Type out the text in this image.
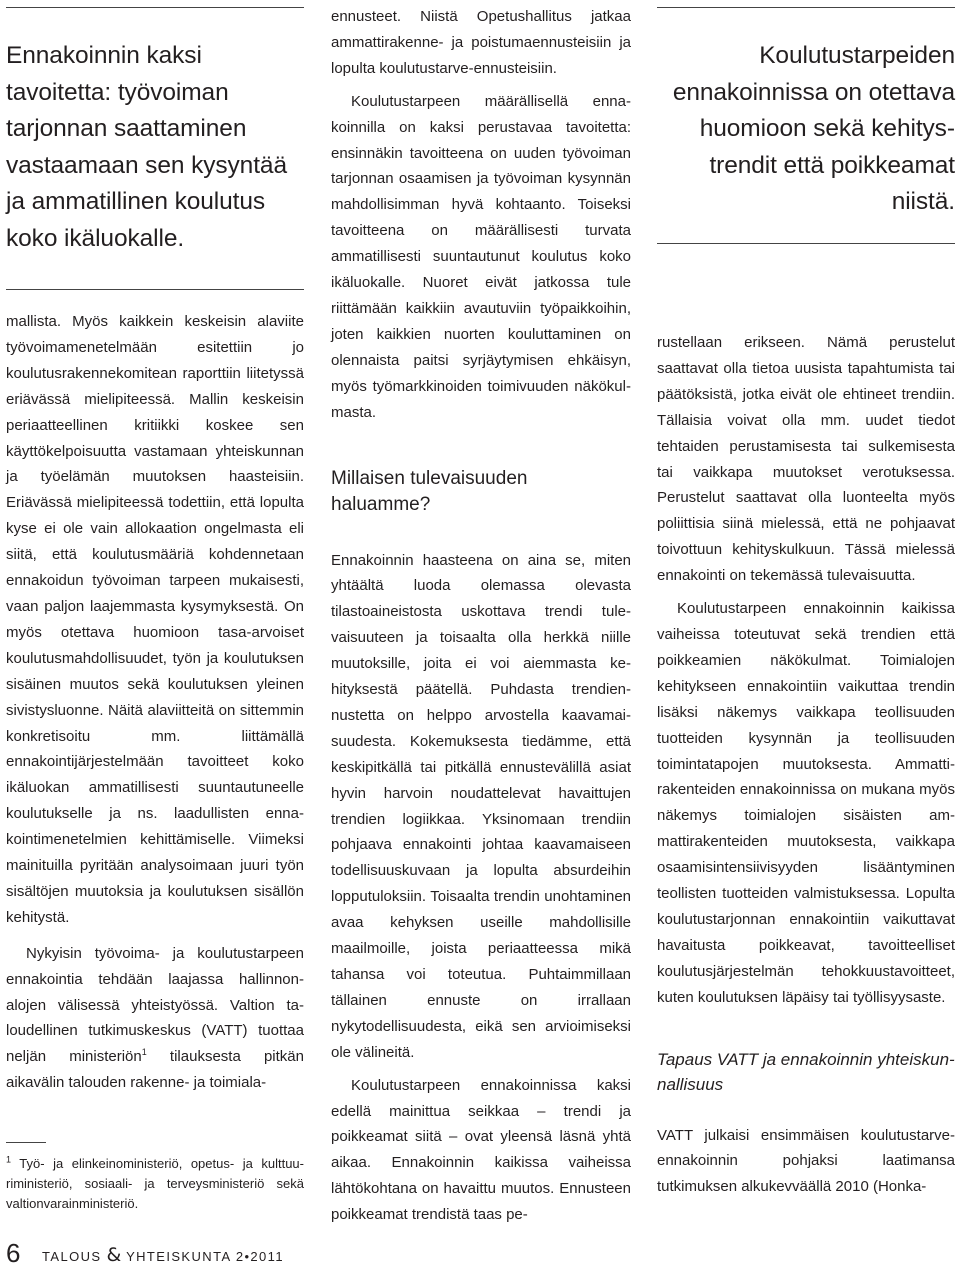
Ennakoinnin kaksi tavoitetta: työvoiman tarjonnan saattaminen vastaamaan sen kysyntää ja ammatillinen koulutus koko ikäluokalle.

mallista. Myös kaikkein keskeisin alaviite työvoimamenetelmään esitettiin jo koulutusrakennekomitean raporttiin liitetyssä eriävässä mielipiteessä. Mallin keskeisin periaatteellinen kritiikki koskee sen käyttökelpoisuutta vastamaan yhteiskunnan ja työelämän muutoksen haasteisiin. Eriävässä mielipiteessä todettiin, että lopulta kyse ei ole vain allokaation ongelmasta eli siitä, että koulutusmääriä kohdennetaan ennakoidun työvoiman tarpeen mukaisesti, vaan paljon laajemmasta kysymyksestä. On myös otettava huomioon tasa-arvoiset koulutusmahdollisuudet, työn ja koulutuksen sisäinen muutos sekä koulutuksen yleinen sivistysluonne. Näitä alaviitteitä on sittemmin konkretisoitu mm. liittämällä ennakointijärjestelmään tavoitteet koko ikäluokan ammatillisesti suuntautuneelle koulutukselle ja ns. laadullisten ennakointimenetelmien kehittämiselle. Viimeksi mainituilla pyritään analysoimaan juuri työn sisältöjen muutoksia ja koulutuksen sisällön kehitystä.

Nykyisin työvoima- ja koulutustarpeen ennakointia tehdään laajassa hallinnonalojen välisessä yhteistyössä. Valtion taloudellinen tutkimuskeskus (VATT) tuottaa neljän ministeriön$^1$ tilauksesta pitkän aikavälin talouden rakenne- ja toimiala-

$^1$ Työ- ja elinkeinoministeriö, opetus- ja kulttuuriministeriö, sosiaali- ja terveysministeriö sekä valtionvarainministeriö.

ennusteet. Niistä Opetushallitus jatkaa ammattirakenne- ja poistumaennusteisiin ja lopulta koulutustarve-ennusteisiin.

Koulutustarpeen määrällisellä ennakoinnilla on kaksi perustavaa tavoitetta: ensinnäkin tavoitteena on uuden työvoiman tarjonnan osaamisen ja työvoiman kysynnän mahdollisimman hyvä kohtaanto. Toiseksi tavoitteena on määrällisesti turvata ammatillisesti suuntautunut koulutus koko ikäluokalle. Nuoret eivät jatkossa tule riittämään kaikkiin avautuviin työpaikkoihin, joten kaikkien nuorten kouluttaminen on olennaista paitsi syrjäytymisen ehkäisyn, myös työmarkkinoiden toimivuuden näkökulmasta.

Millaisen tulevaisuuden haluamme?

Ennakoinnin haasteena on aina se, miten yhtäältä luoda olemassa olevasta tilastoaineistosta uskottava trendi tulevaisuuteen ja toisaalta olla herkkä niille muutoksille, joita ei voi aiemmasta kehityksestä päätellä. Puhdasta trendiennustetta on helppo arvostella kaavamaisuudesta. Kokemuksesta tiedämme, että keskipitkällä tai pitkällä ennustevälillä asiat hyvin harvoin noudattelevat havaittujen trendien logiikkaa. Yksinomaan trendiin pohjaava ennakointi johtaa kaavamaiseen todellisuuskuvaan ja lopulta absurdeihin lopputuloksiin. Toisaalta trendin unohtaminen avaa kehyksen useille mahdollisille maailmoille, joista periaatteessa mikä tahansa voi toteutua. Puhtaimmillaan tällainen ennuste on irrallaan nykytodellisuudesta, eikä sen arvioimiseksi ole välineitä.

Koulutustarpeen ennakoinnissa kaksi edellä mainittua seikkaa – trendi ja poikkeamat siitä – ovat yleensä läsnä yhtä aikaa. Ennakoinnin kaikissa vaiheissa lähtökohtana on havaittu muutos. Ennusteen poikkeamat trendistä taas pe-

Koulutustarpeiden ennakoinnissa on otettava huomioon sekä kehitystrendit että poikkeamat niistä.

rustellaan erikseen. Nämä perustelut saattavat olla tietoa uusista tapahtumista tai päätöksistä, jotka eivät ole ehtineet trendiin. Tällaisia voivat olla mm. uudet tiedot tehtaiden perustamisesta tai sulkemisesta tai vaikkapa muutokset verotuksessa. Perustelut saattavat olla luonteelta myös poliittisia siinä mielessä, että ne pohjaavat toivottuun kehityskulkuun. Tässä mielessä ennakointi on tekemässä tulevaisuutta.

Koulutustarpeen ennakoinnin kaikissa vaiheissa toteutuvat sekä trendien että poikkeamien näkökulmat. Toimialojen kehitykseen ennakointiin vaikuttaa trendin lisäksi näkemys vaikkapa teollisuuden tuotteiden kysynnän ja teollisuuden toimintatapojen muutoksesta. Ammattirakenteiden ennakoinnissa on mukana myös näkemys toimialojen sisäisten ammattirakenteiden muutoksesta, vaikkapa osaamisintensiivisyyden lisääntyminen teollisten tuotteiden valmistuksessa. Lopulta koulutustarjonnan ennakointiin vaikuttavat havaitusta poikkeavat, tavoitteelliset koulutusjärjestelmän tehokkuustavoitteet, kuten koulutuksen läpäisy tai työllisyysaste.

Tapaus VATT ja ennakoinnin yhteiskunnallisuus

VATT julkaisi ensimmäisen koulutustarve-ennakoinnin pohjaksi laatimansa tutkimuksen alkukevväällä 2010 (Honka-

6 TALOUS & YHTEISKUNTA 2•2011
